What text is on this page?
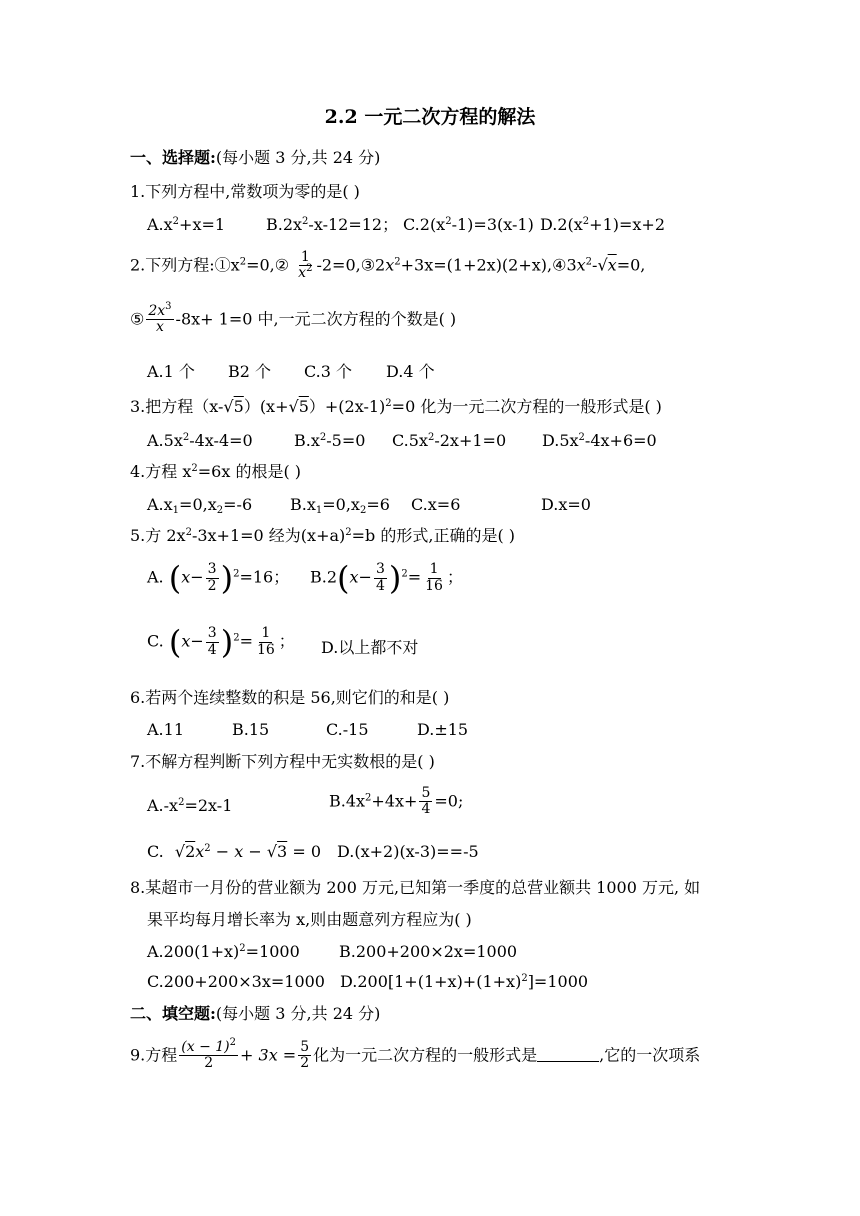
2.2 一元二次方程的解法
一、选择题:(每小题 3 分,共 24 分)
1.下列方程中,常数项为零的是( )
$A.x^2+x=1$	$B.2x^2-x-12=12$； $C.2(x^2-1)=3(x-1)$ $D.2(x^2+1)=x+2$
2.下列方程$:①x^2=0,② \frac{1}{x^2}$ $-2=0,③2x^2+3x=(1+2x)(2+x),④3x^2-√x=0$,
⑤ $\frac{2x^3}{x} -8x+ 1=0$ 中,一元二次方程的个数是( )
A.1 个 B2 个 C.3 个 D.4 个
3.把方程$(x-√5)(x+√5)+(2x-1)^2=0$ 化为一元二次方程的一般形式是( )
$A.5x^2-4x-4=0$	$B.x^2-5=0$ $C.5x^2-2x+1=0$ $D.5x^2-4x+6=0$
4.方程 $x^2=6x$ 的根是( )
$A.x_1=0,x_2=-6$ $B.x_1=0,x_2=6$ C.x=6	D.x=0
5.方 $2x^2-3x+1=0$ 经为$(x+a)^2=b$ 的形式,正确的是( )
A. $(x- \frac{3}{2} )^2=16$； $B.2(x- \frac{3}{4} )^2= \frac{1}{16}$ ；
C. $(x- \frac{3}{4} )^2= \frac{1}{16}$ ； D.以上都不对
6.若两个连续整数的积是 56,则它们的和是( )
A.11	B.15	C.-15	D.±15
7.不解方程判断下列方程中无实数根的是( )
$A.-x^2=2x-1$	$B.4x^2+4x+ \frac{5}{4} =0$;
C. $√2x^2 - x - √3 = 0$ D.(x+2)(x-3)==-5
8.某超市一月份的营业额为 200 万元,已知第一季度的总营业额共 1000 万元, 如
果平均每月增长率为 x,则由题意列方程应为( )
$A.200(1+x)^2=1000$ B.200+200×2x=1000
C.200+200×3x=1000 $D.200[1+(1+x)+(1+x)^2]=1000$
二、填空题:(每小题 3 分,共 24 分)
9.方程 $\frac{(x - 1)^2}{2} + 3x = \frac{5}{2}$ 化为一元二次方程的一般形式是	,它的一次项系
